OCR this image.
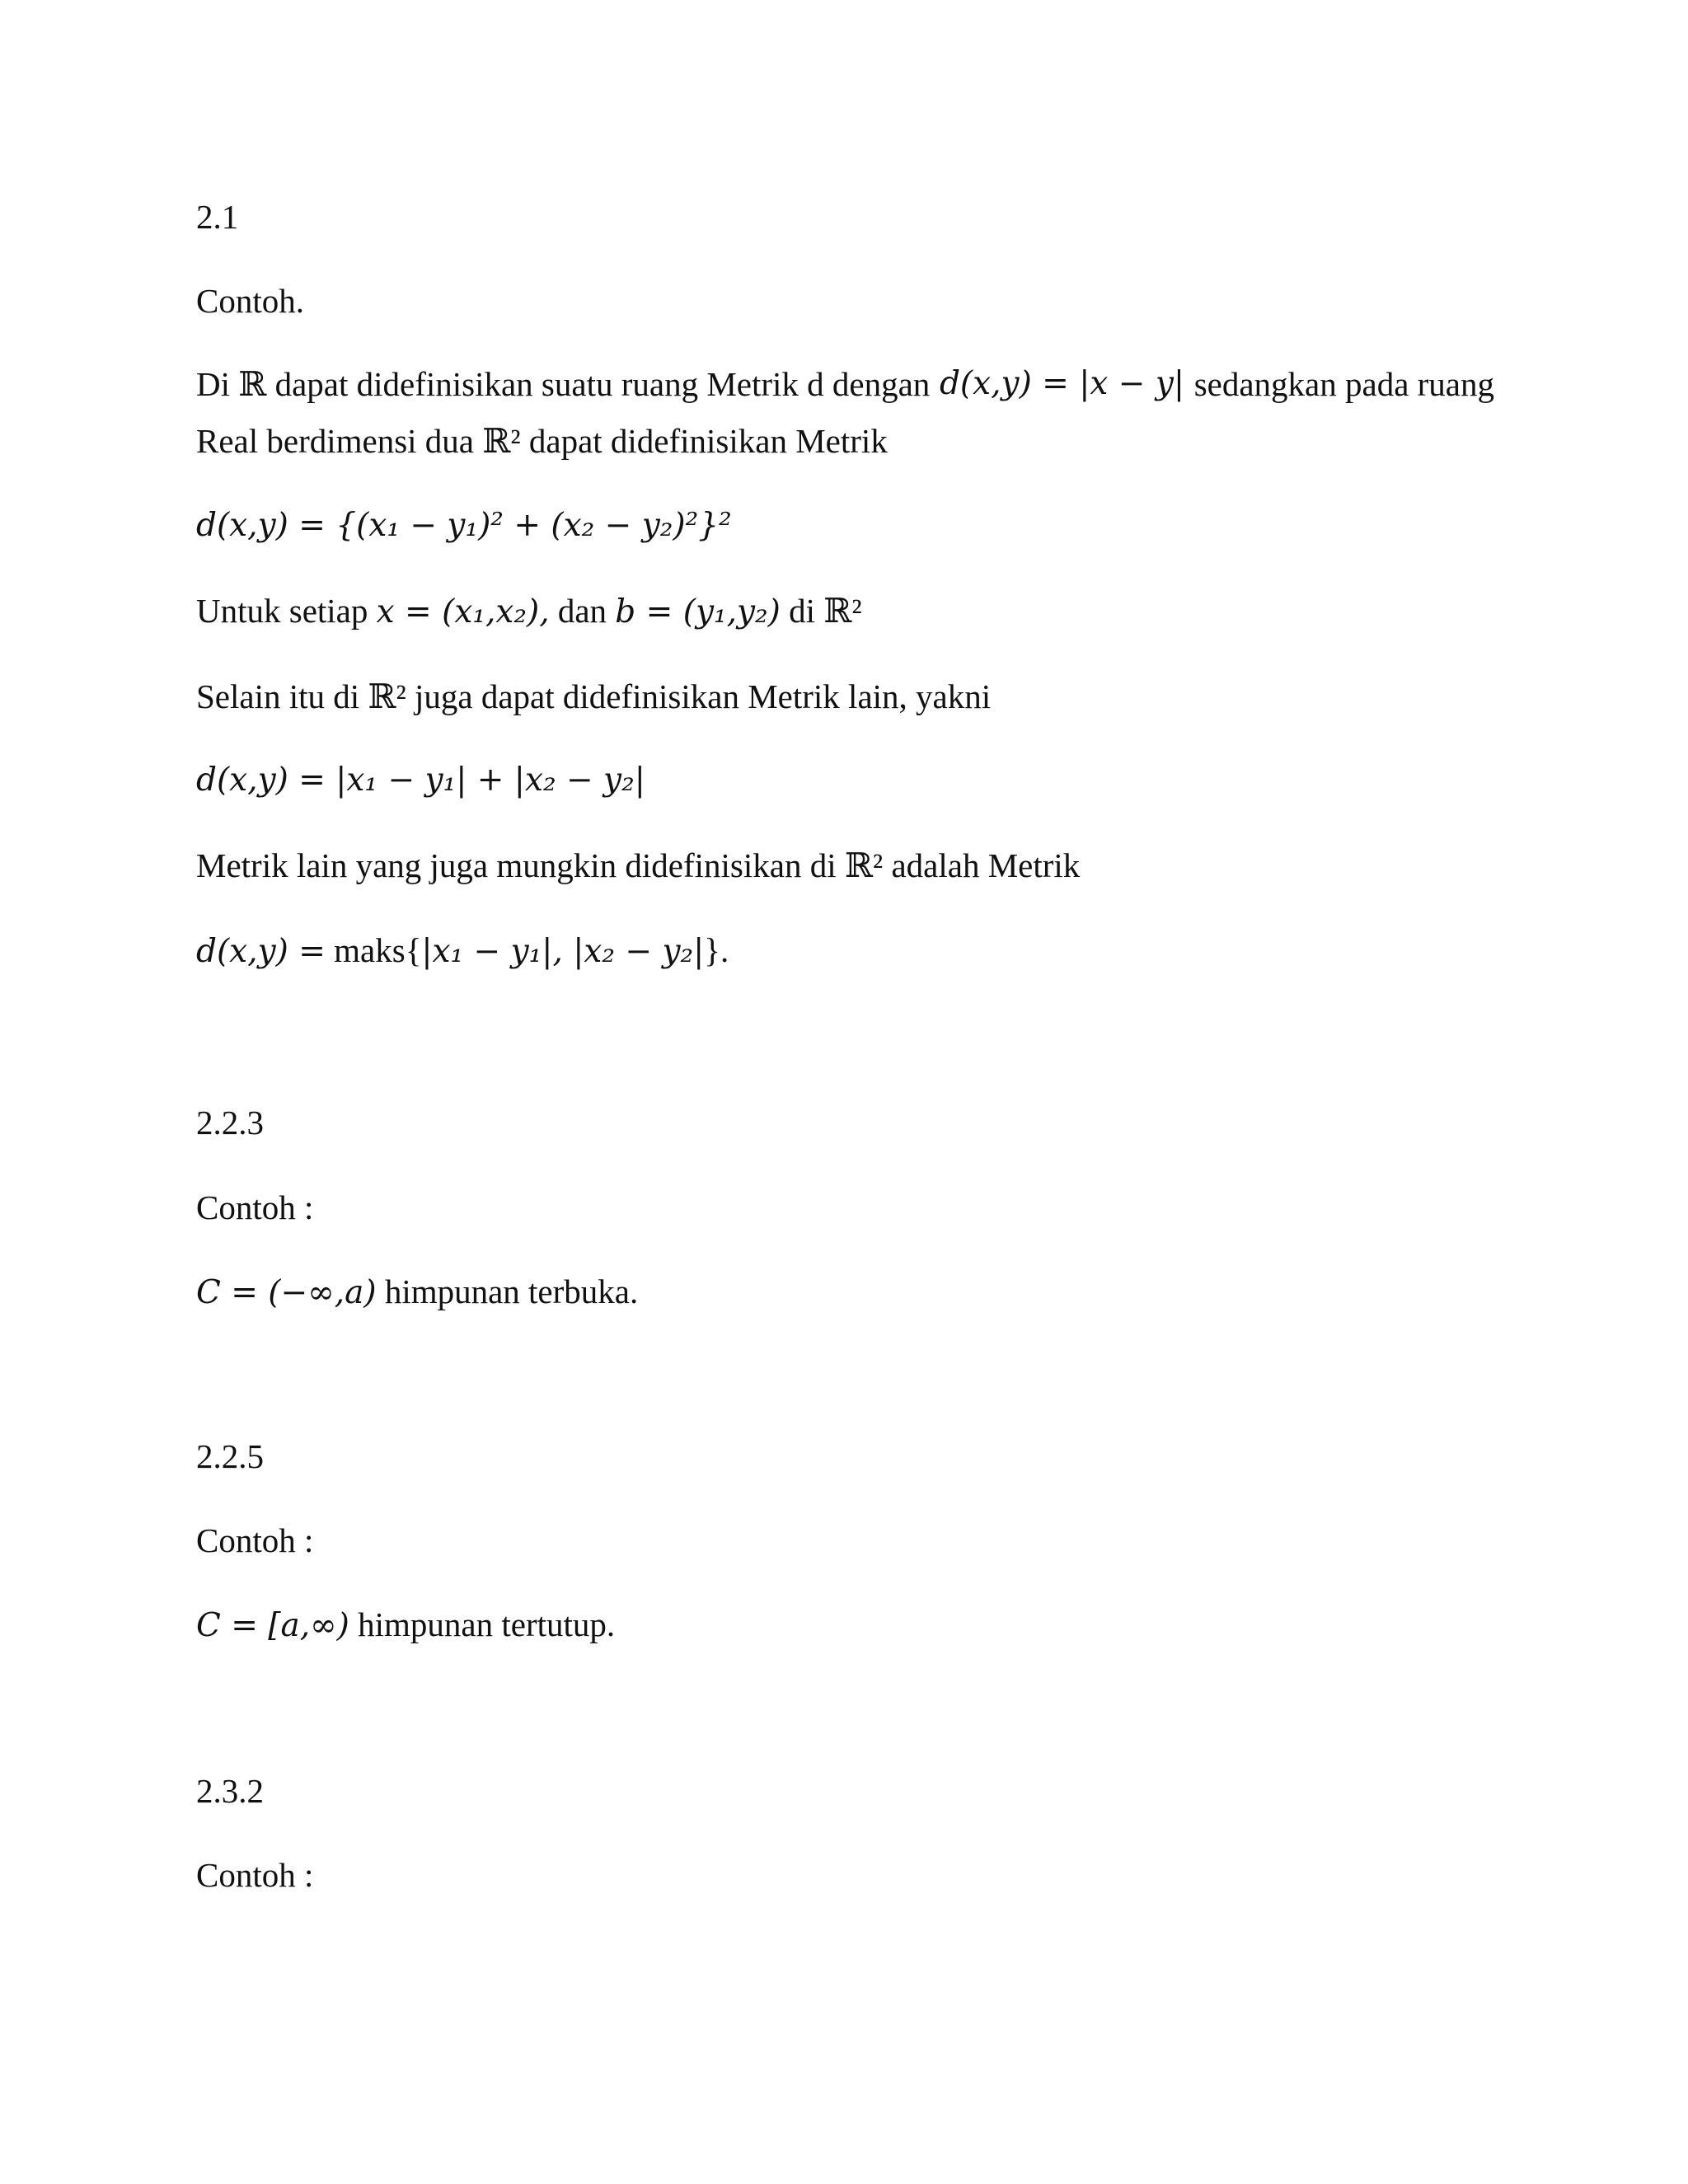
2.1
Contoh.
Di ℝ dapat didefinisikan suatu ruang Metrik d dengan d(x,y) = |x − y| sedangkan pada ruang
Real berdimensi dua ℝ² dapat didefinisikan Metrik
d(x,y) = {(x₁ − y₁)² + (x₂ − y₂)²}²
Untuk setiap x = (x₁,x₂), dan b = (y₁,y₂) di ℝ²
Selain itu di ℝ² juga dapat didefinisikan Metrik lain, yakni
d(x,y) = |x₁ − y₁| + |x₂ − y₂|
Metrik lain yang juga mungkin didefinisikan di ℝ² adalah Metrik
d(x,y) = maks{|x₁ − y₁|, |x₂ − y₂|}.
2.2.3
Contoh :
C = (−∞,a) himpunan terbuka.
2.2.5
Contoh :
C = [a,∞) himpunan tertutup.
2.3.2
Contoh :
